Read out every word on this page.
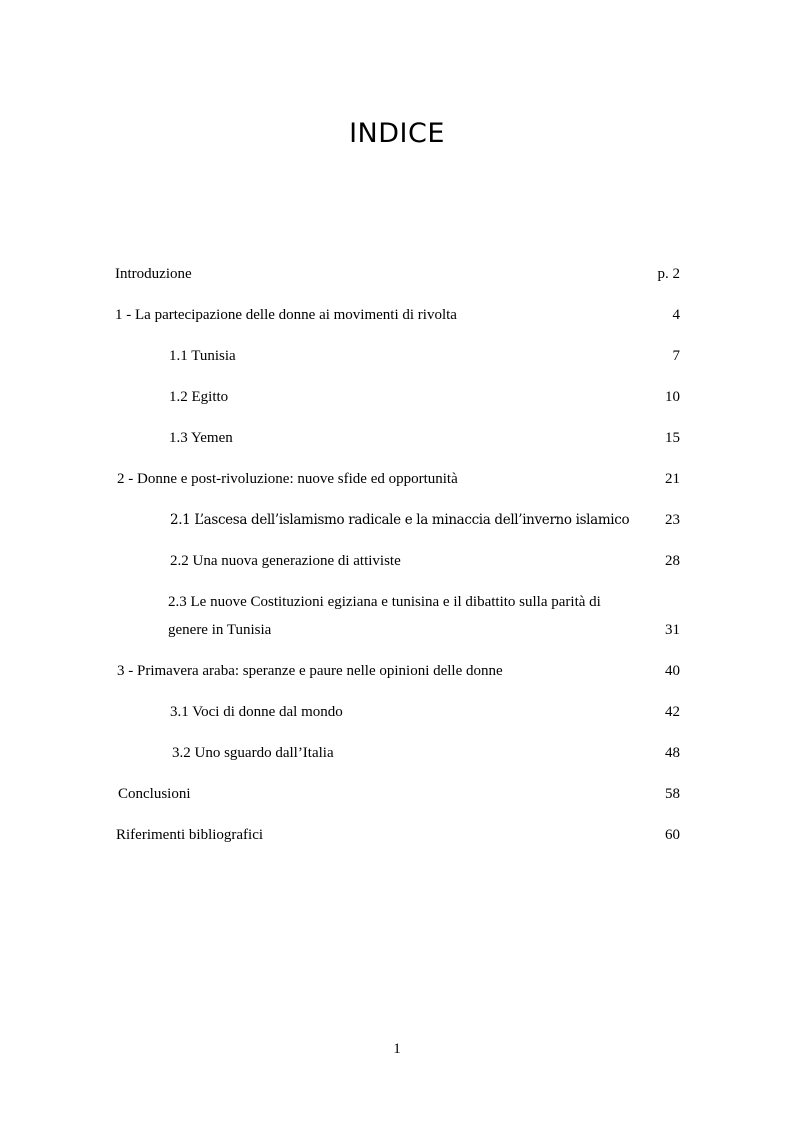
INDICE
Introduzione	p. 2
1 - La partecipazione delle donne ai movimenti di rivolta	4
1.1 Tunisia	7
1.2 Egitto	10
1.3 Yemen	15
2 - Donne e post-rivoluzione: nuove sfide ed opportunità	21
2.1 L’ascesa dell’islamismo radicale e la minaccia dell’inverno islamico 23
2.2 Una nuova generazione di attiviste	28
2.3 Le nuove Costituzioni egiziana e tunisina e il dibattito sulla parità di
genere in Tunisia	31
3 - Primavera araba: speranze e paure nelle opinioni delle donne	40
3.1 Voci di donne dal mondo	42
3.2 Uno sguardo dall’Italia	48
Conclusioni	58
Riferimenti bibliografici	60
1
